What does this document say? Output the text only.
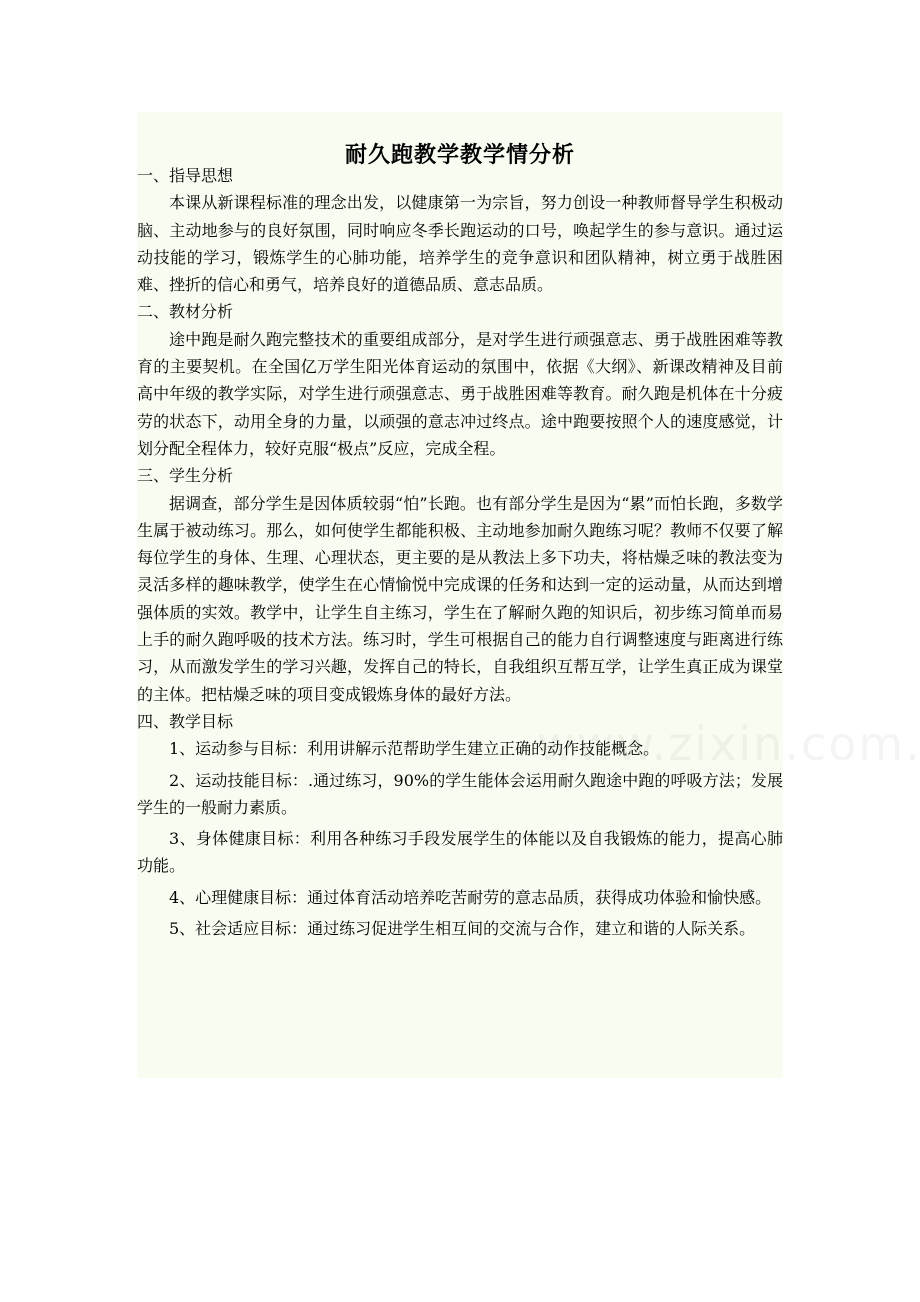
耐久跑教学教学情分析

一、指导思想

本课从新课程标准的理念出发，以健康第一为宗旨，努力创设一种教师督导学生积极动脑、主动地参与的良好氛围，同时响应冬季长跑运动的口号，唤起学生的参与意识。通过运动技能的学习，锻炼学生的心肺功能，培养学生的竞争意识和团队精神，树立勇于战胜困难、挫折的信心和勇气，培养良好的道德品质、意志品质。

二、教材分析

途中跑是耐久跑完整技术的重要组成部分，是对学生进行顽强意志、勇于战胜困难等教育的主要契机。在全国亿万学生阳光体育运动的氛围中，依据《大纲》、新课改精神及目前高中年级的教学实际，对学生进行顽强意志、勇于战胜困难等教育。耐久跑是机体在十分疲劳的状态下，动用全身的力量，以顽强的意志冲过终点。途中跑要按照个人的速度感觉，计划分配全程体力，较好克服“极点”反应，完成全程。

三、学生分析

据调查，部分学生是因体质较弱“怕”长跑。也有部分学生是因为“累”而怕长跑，多数学生属于被动练习。那么，如何使学生都能积极、主动地参加耐久跑练习呢？教师不仅要了解每位学生的身体、生理、心理状态，更主要的是从教法上多下功夫，将枯燥乏味的教法变为灵活多样的趣味教学，使学生在心情愉悦中完成课的任务和达到一定的运动量，从而达到增强体质的实效。教学中，让学生自主练习，学生在了解耐久跑的知识后，初步练习简单而易上手的耐久跑呼吸的技术方法。练习时，学生可根据自己的能力自行调整速度与距离进行练习，从而激发学生的学习兴趣，发挥自己的特长，自我组织互帮互学，让学生真正成为课堂的主体。把枯燥乏味的项目变成锻炼身体的最好方法。

四、教学目标

1、运动参与目标：利用讲解示范帮助学生建立正确的动作技能概念。

2、运动技能目标：.通过练习，90%的学生能体会运用耐久跑途中跑的呼吸方法；发展学生的一般耐力素质。

3、身体健康目标：利用各种练习手段发展学生的体能以及自我锻炼的能力，提高心肺功能。

4、心理健康目标：通过体育活动培养吃苦耐劳的意志品质，获得成功体验和愉快感。

5、社会适应目标：通过练习促进学生相互间的交流与合作，建立和谐的人际关系。
